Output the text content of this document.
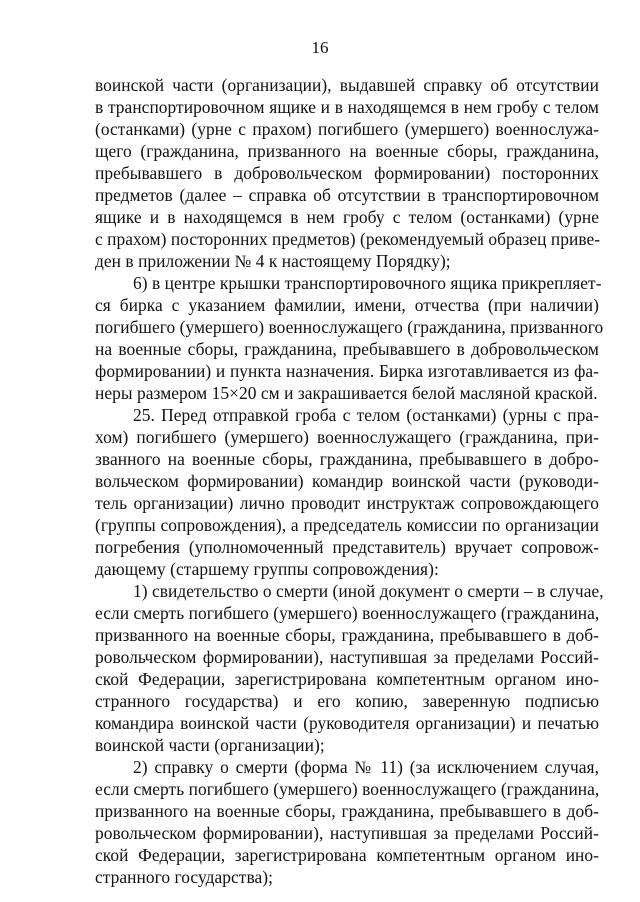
16
воинской части (организации), выдавшей справку об отсутствии
в транспортировочном ящике и в находящемся в нем гробу с телом
(останками) (урне с прахом) погибшего (умершего) военнослужа-
щего (гражданина, призванного на военные сборы, гражданина,
пребывавшего в добровольческом формировании) посторонних
предметов (далее – справка об отсутствии в транспортировочном
ящике и в находящемся в нем гробу с телом (останками) (урне
с прахом) посторонних предметов) (рекомендуемый образец приве-
ден в приложении № 4 к настоящему Порядку);
6) в центре крышки транспортировочного ящика прикрепляет-
ся бирка с указанием фамилии, имени, отчества (при наличии)
погибшего (умершего) военнослужащего (гражданина, призванного
на военные сборы, гражданина, пребывавшего в добровольческом
формировании) и пункта назначения. Бирка изготавливается из фа-
неры размером 15×20 см и закрашивается белой масляной краской.
25. Перед отправкой гроба с телом (останками) (урны с пра-
хом) погибшего (умершего) военнослужащего (гражданина, при-
званного на военные сборы, гражданина, пребывавшего в добро-
вольческом формировании) командир воинской части (руководи-
тель организации) лично проводит инструктаж сопровождающего
(группы сопровождения), а председатель комиссии по организации
погребения (уполномоченный представитель) вручает сопровож-
дающему (старшему группы сопровождения):
1) свидетельство о смерти (иной документ о смерти – в случае,
если смерть погибшего (умершего) военнослужащего (гражданина,
призванного на военные сборы, гражданина, пребывавшего в доб-
ровольческом формировании), наступившая за пределами Россий-
ской Федерации, зарегистрирована компетентным органом ино-
странного государства) и его копию, заверенную подписью
командира воинской части (руководителя организации) и печатью
воинской части (организации);
2) справку о смерти (форма № 11) (за исключением случая,
если смерть погибшего (умершего) военнослужащего (гражданина,
призванного на военные сборы, гражданина, пребывавшего в доб-
ровольческом формировании), наступившая за пределами Россий-
ской Федерации, зарегистрирована компетентным органом ино-
странного государства);
